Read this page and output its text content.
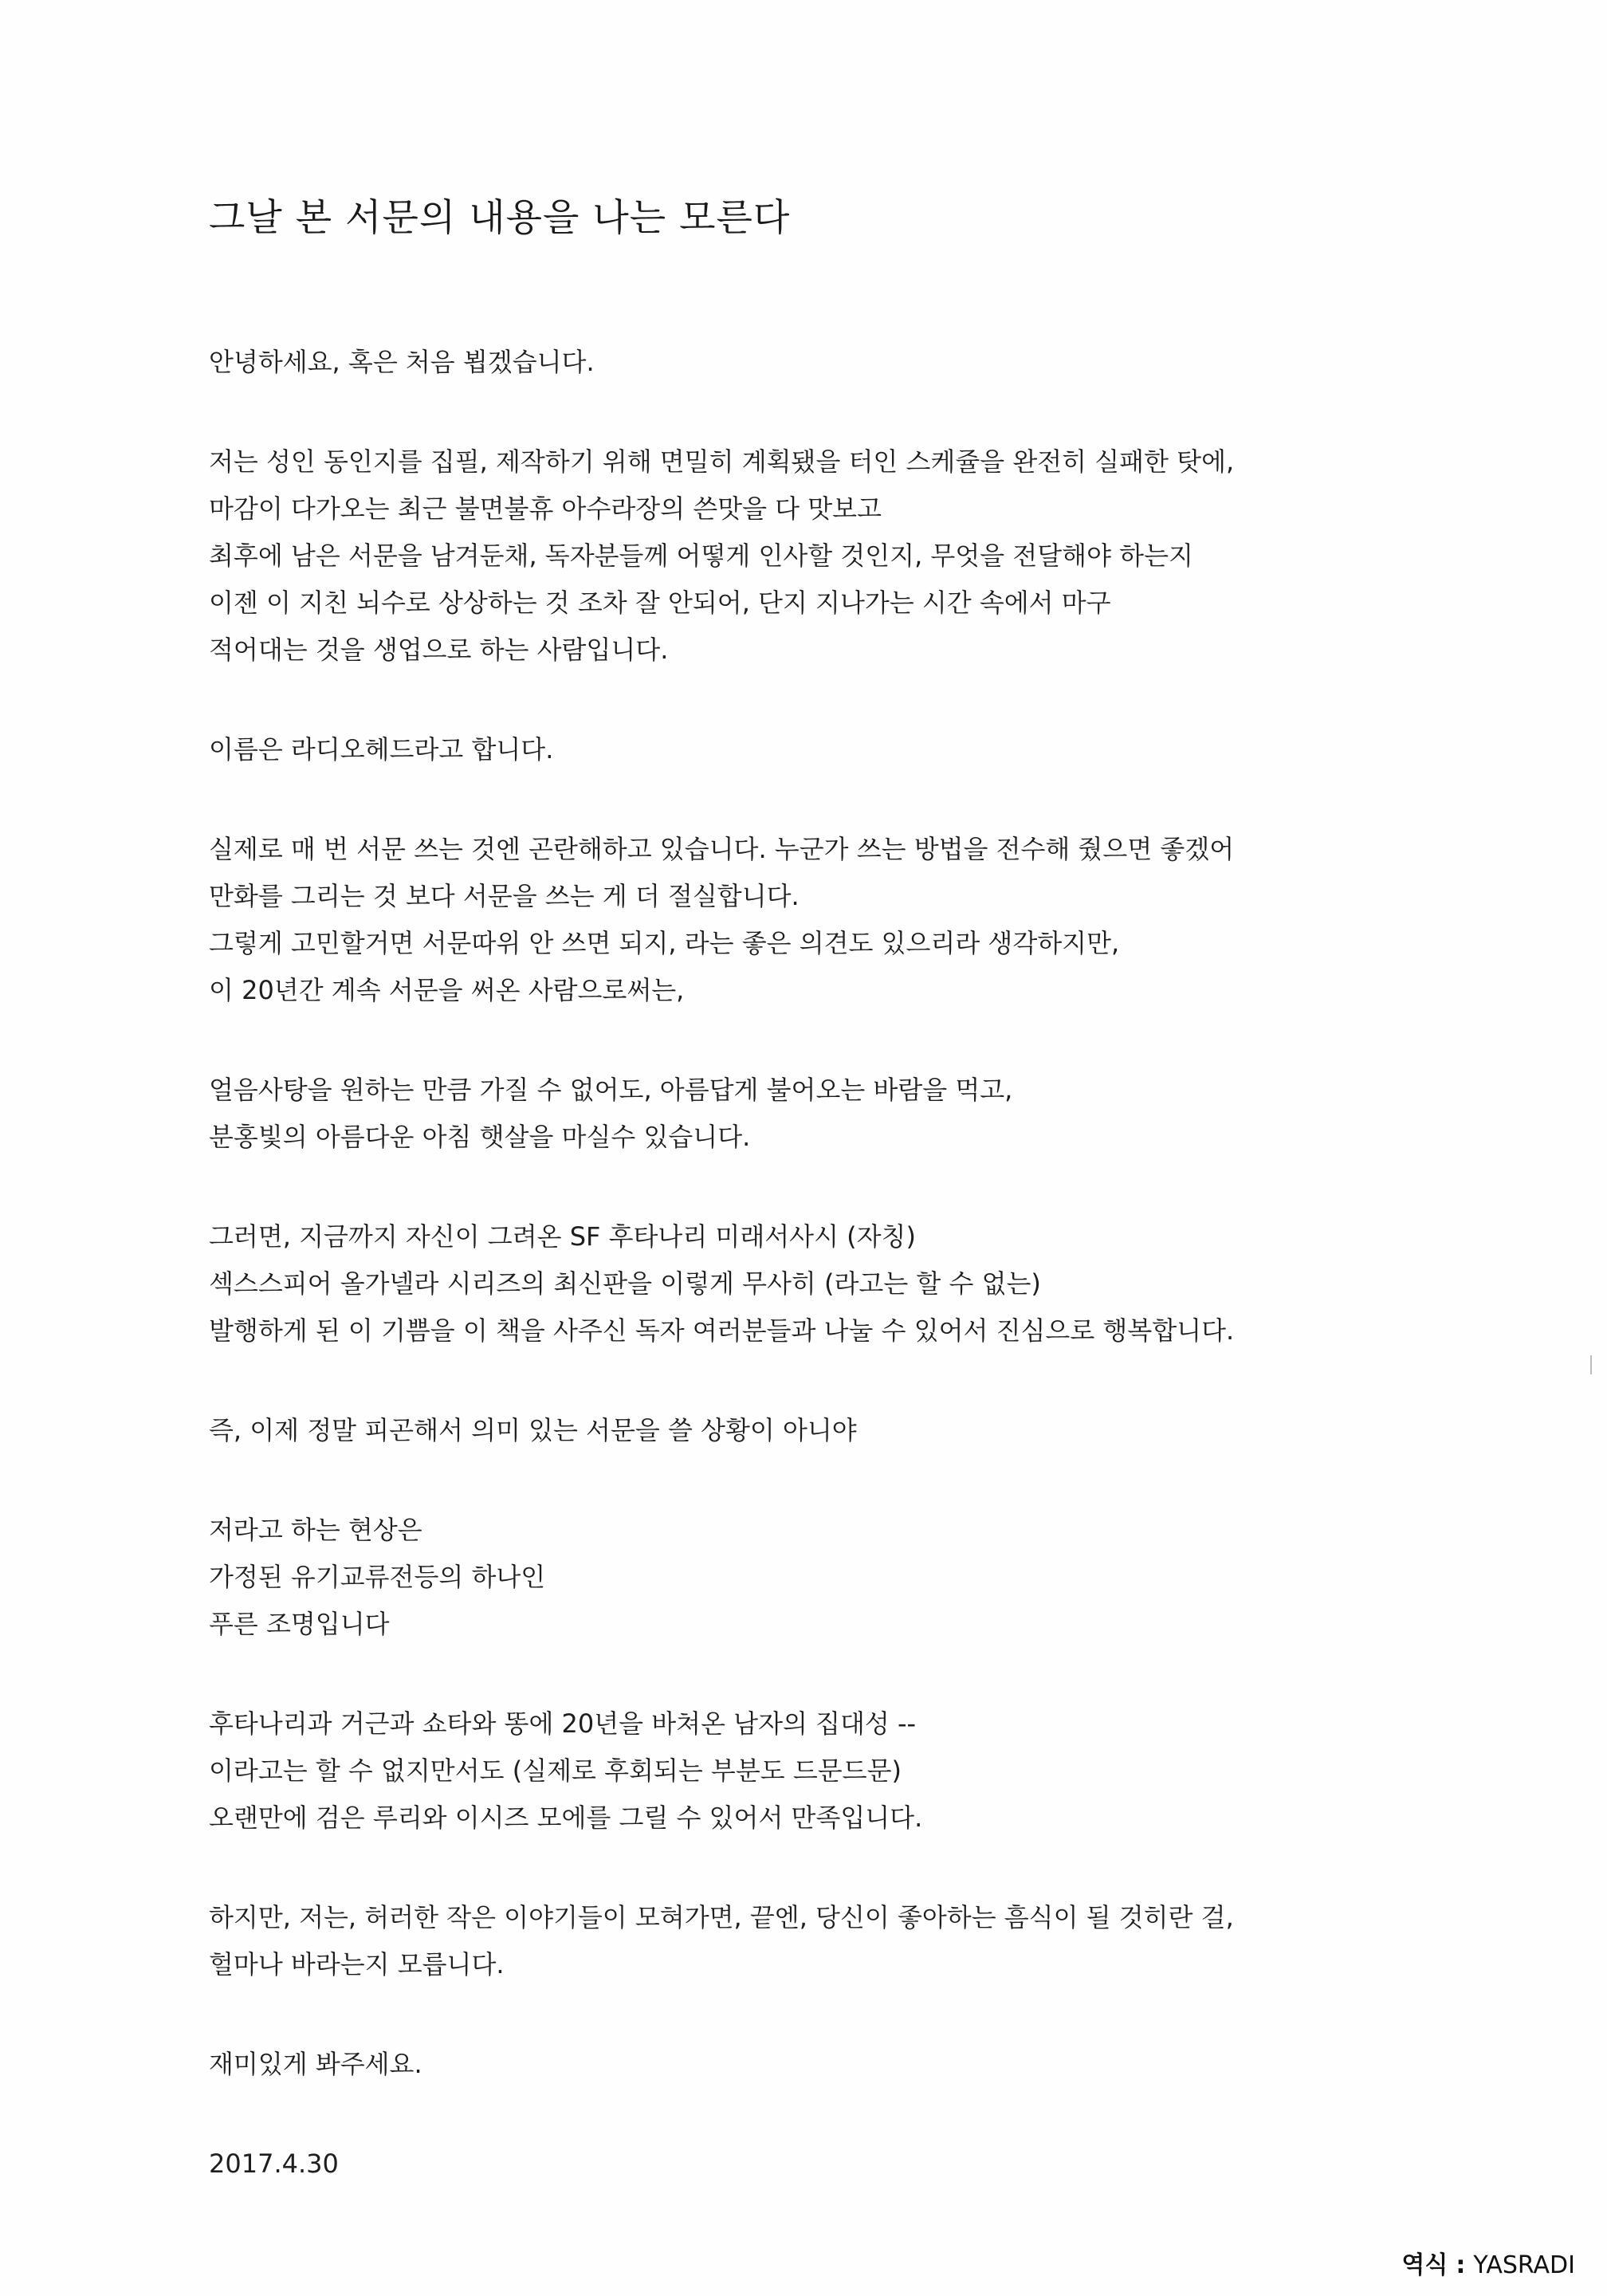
그날 본 서문의 내용을 나는 모른다
안녕하세요, 혹은 처음 뵙겠습니다.
저는 성인 동인지를 집필, 제작하기 위해 면밀히 계획됐을 터인 스케쥴을 완전히 실패한 탓에,
마감이 다가오는 최근 불면불휴 아수라장의 쓴맛을 다 맛보고
최후에 남은 서문을 남겨둔채, 독자분들께 어떻게 인사할 것인지, 무엇을 전달해야 하는지
이젠 이 지친 뇌수로 상상하는 것 조차 잘 안되어, 단지 지나가는 시간 속에서 마구
적어대는 것을 생업으로 하는 사람입니다.
이름은 라디오헤드라고 합니다.
실제로 매 번 서문 쓰는 것엔 곤란해하고 있습니다. 누군가 쓰는 방법을 전수해 줬으면 좋겠어
만화를 그리는 것 보다 서문을 쓰는 게 더 절실합니다.
그렇게 고민할거면 서문따위 안 쓰면 되지, 라는 좋은 의견도 있으리라 생각하지만,
이 20년간 계속 서문을 써온 사람으로써는,
얼음사탕을 원하는 만큼 가질 수 없어도, 아름답게 불어오는 바람을 먹고,
분홍빛의 아름다운 아침 햇살을 마실수 있습니다.
그러면, 지금까지 자신이 그려온 SF 후타나리 미래서사시 (자칭)
섹스스피어 올가넬라 시리즈의 최신판을 이렇게 무사히 (라고는 할 수 없는)
발행하게 된 이 기쁨을 이 책을 사주신 독자 여러분들과 나눌 수 있어서 진심으로 행복합니다.
즉, 이제 정말 피곤해서 의미 있는 서문을 쓸 상황이 아니야
저라고 하는 현상은
가정된 유기교류전등의 하나인
푸른 조명입니다
후타나리과 거근과 쇼타와 똥에 20년을 바쳐온 남자의 집대성 --
이라고는 할 수 없지만서도 (실제로 후회되는 부분도 드문드문)
오랜만에 검은 루리와 이시즈 모에를 그릴 수 있어서 만족입니다.
하지만, 저는, 허러한 작은 이야기들이 모혀가면, 끝엔, 당신이 좋아하는 흠식이 될 것히란 걸,
헐마나 바라는지 모릅니다.
재미있게 봐주세요.
2017.4.30
역식 : YASRADI
